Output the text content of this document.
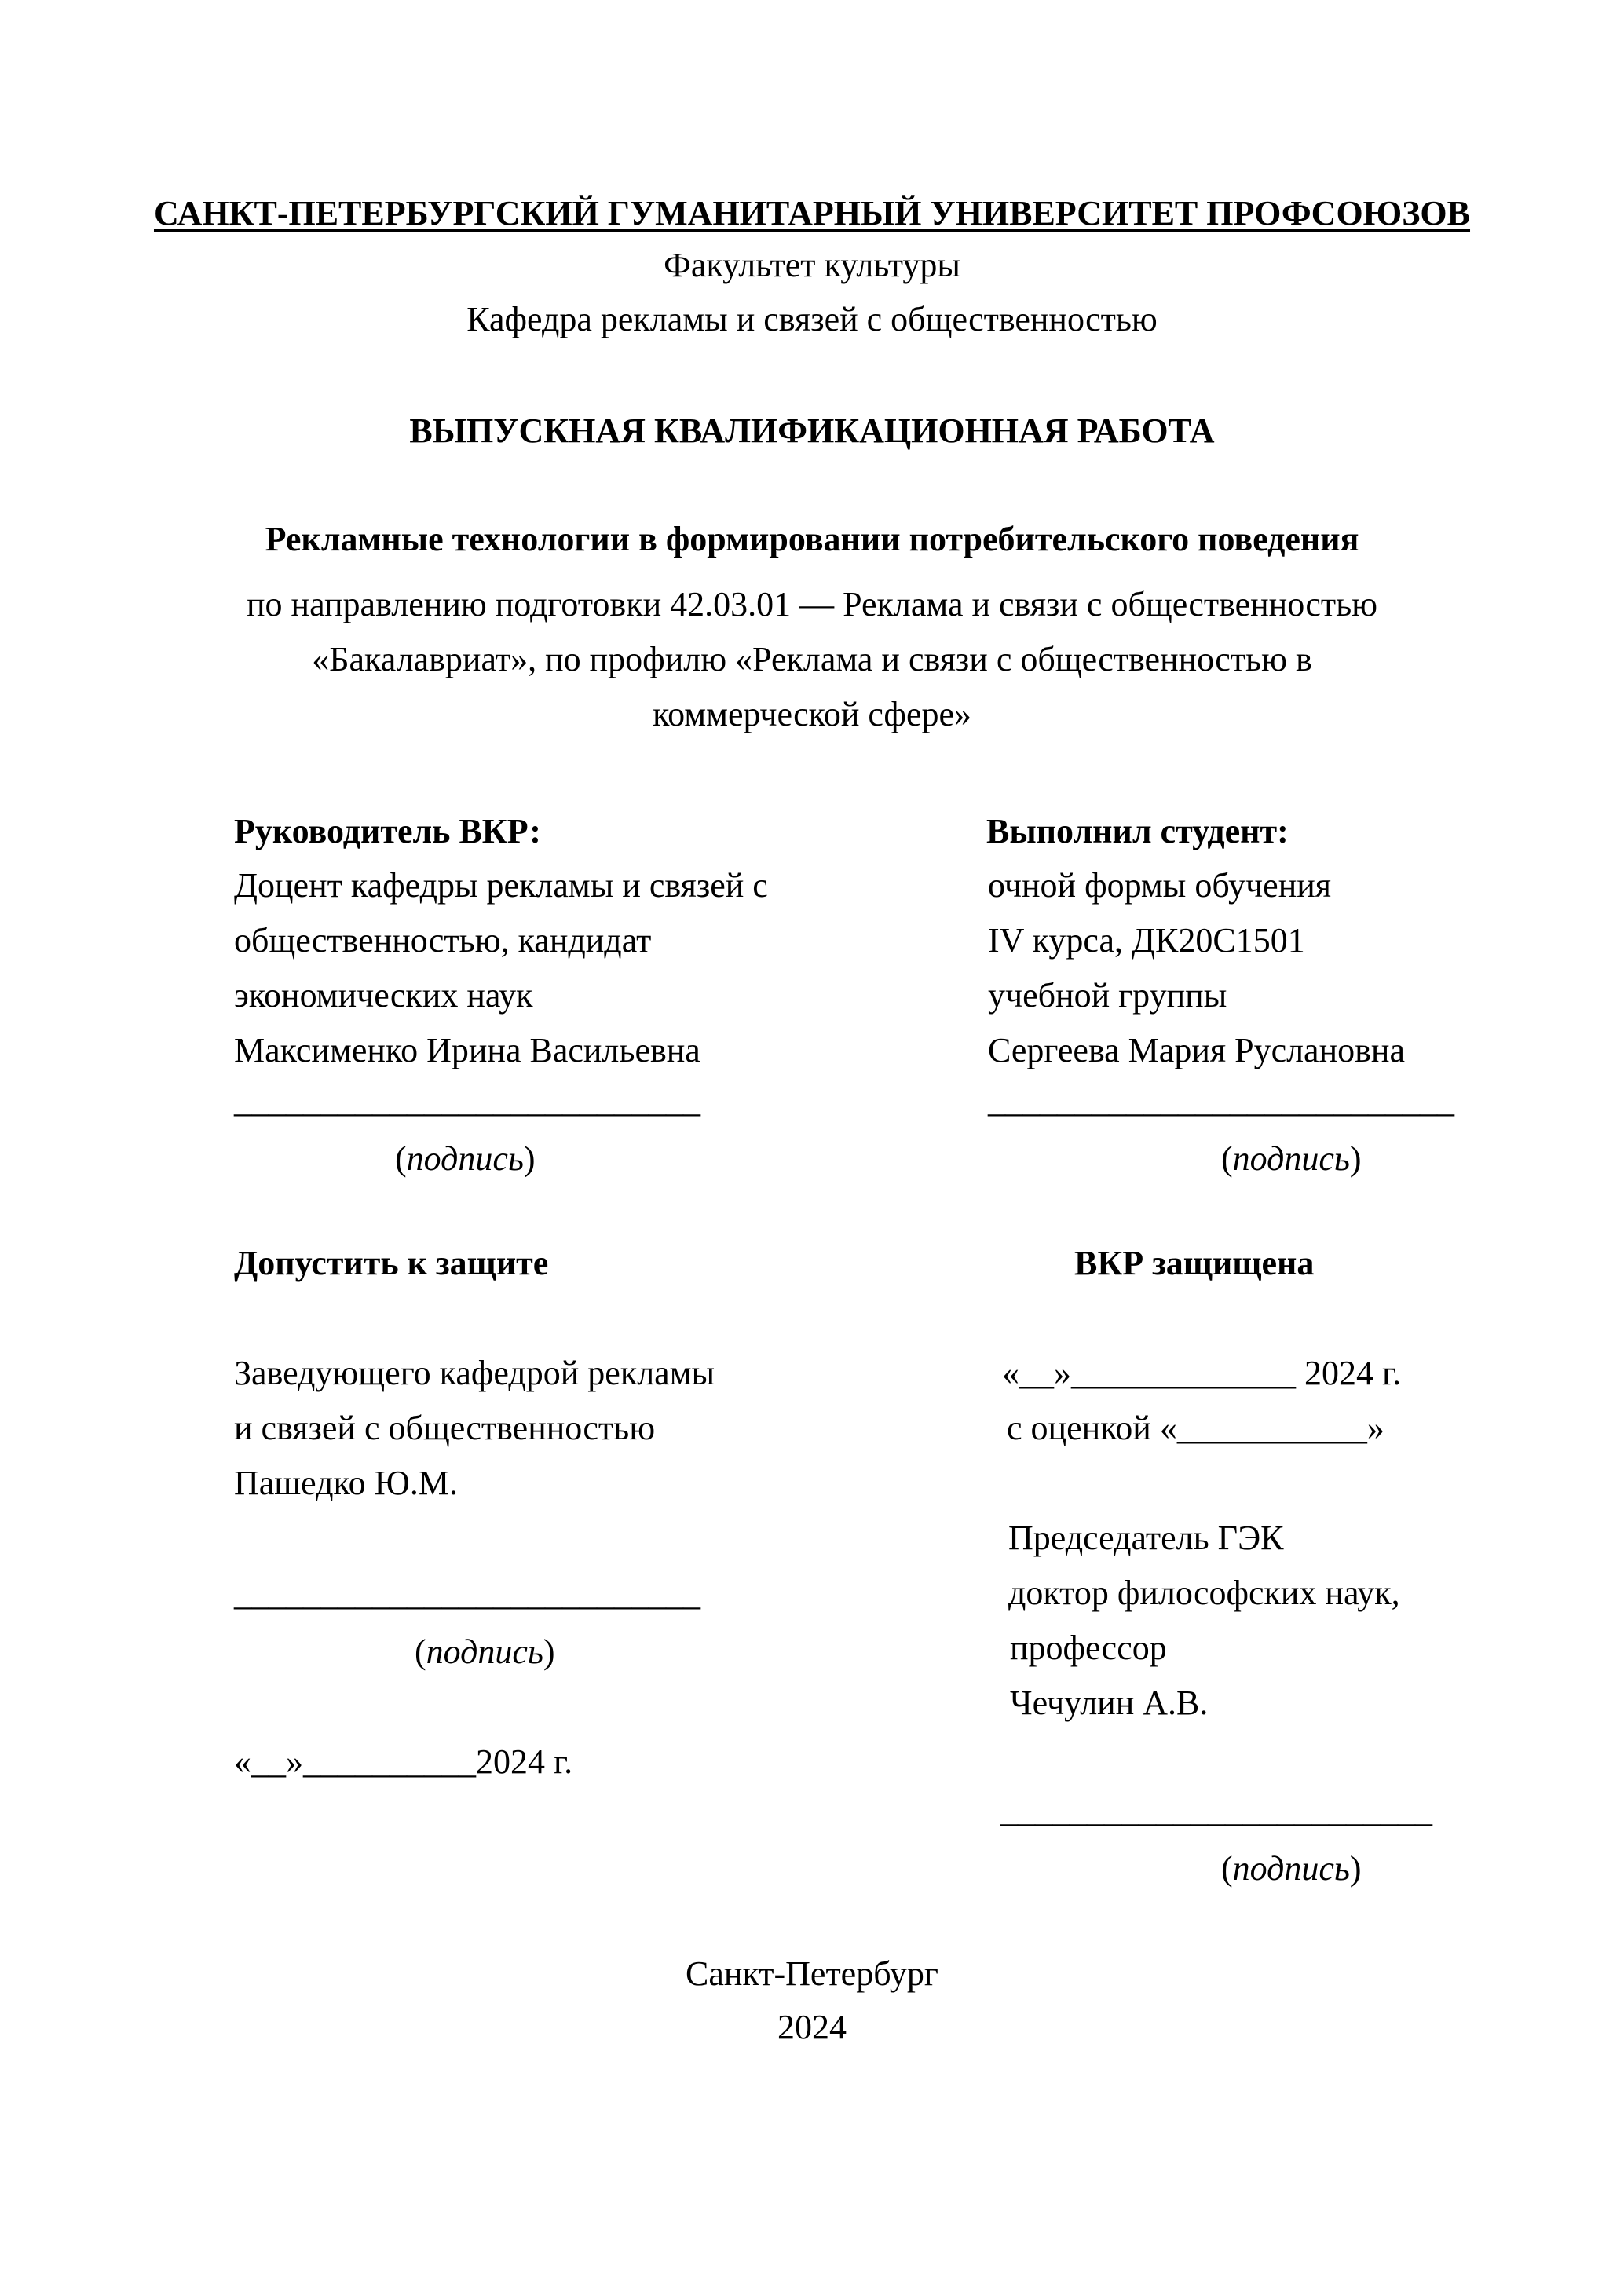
САНКТ-ПЕТЕРБУРГСКИЙ ГУМАНИТАРНЫЙ УНИВЕРСИТЕТ ПРОФСОЮЗОВ
Факультет культуры
Кафедра рекламы и связей с общественностью
ВЫПУСКНАЯ КВАЛИФИКАЦИОННАЯ РАБОТА
Рекламные технологии в формировании потребительского поведения
по направлению подготовки 42.03.01 — Реклама и связи с общественностью
«Бакалавриат», по профилю «Реклама и связи с общественностью в
коммерческой сфере»
Руководитель ВКР:
Доцент кафедры рекламы и связей с
общественностью, кандидат
экономических наук
Максименко Ирина Васильевна
___________________________
(подпись)
Выполнил студент:
очной формы обучения
IV курса, ДК20С1501
учебной группы
Сергеева Мария Руслановна
___________________________
(подпись)
Допустить к защите
Заведующего кафедрой рекламы
и связей с общественностью
Пашедко Ю.М.
___________________________
(подпись)
«__»__________2024 г.
ВКР защищена
«__»_____________ 2024 г.
с оценкой «___________»
Председатель ГЭК
доктор философских наук,
профессор
Чечулин А.В.
_________________________
(подпись)
Санкт-Петербург
2024
